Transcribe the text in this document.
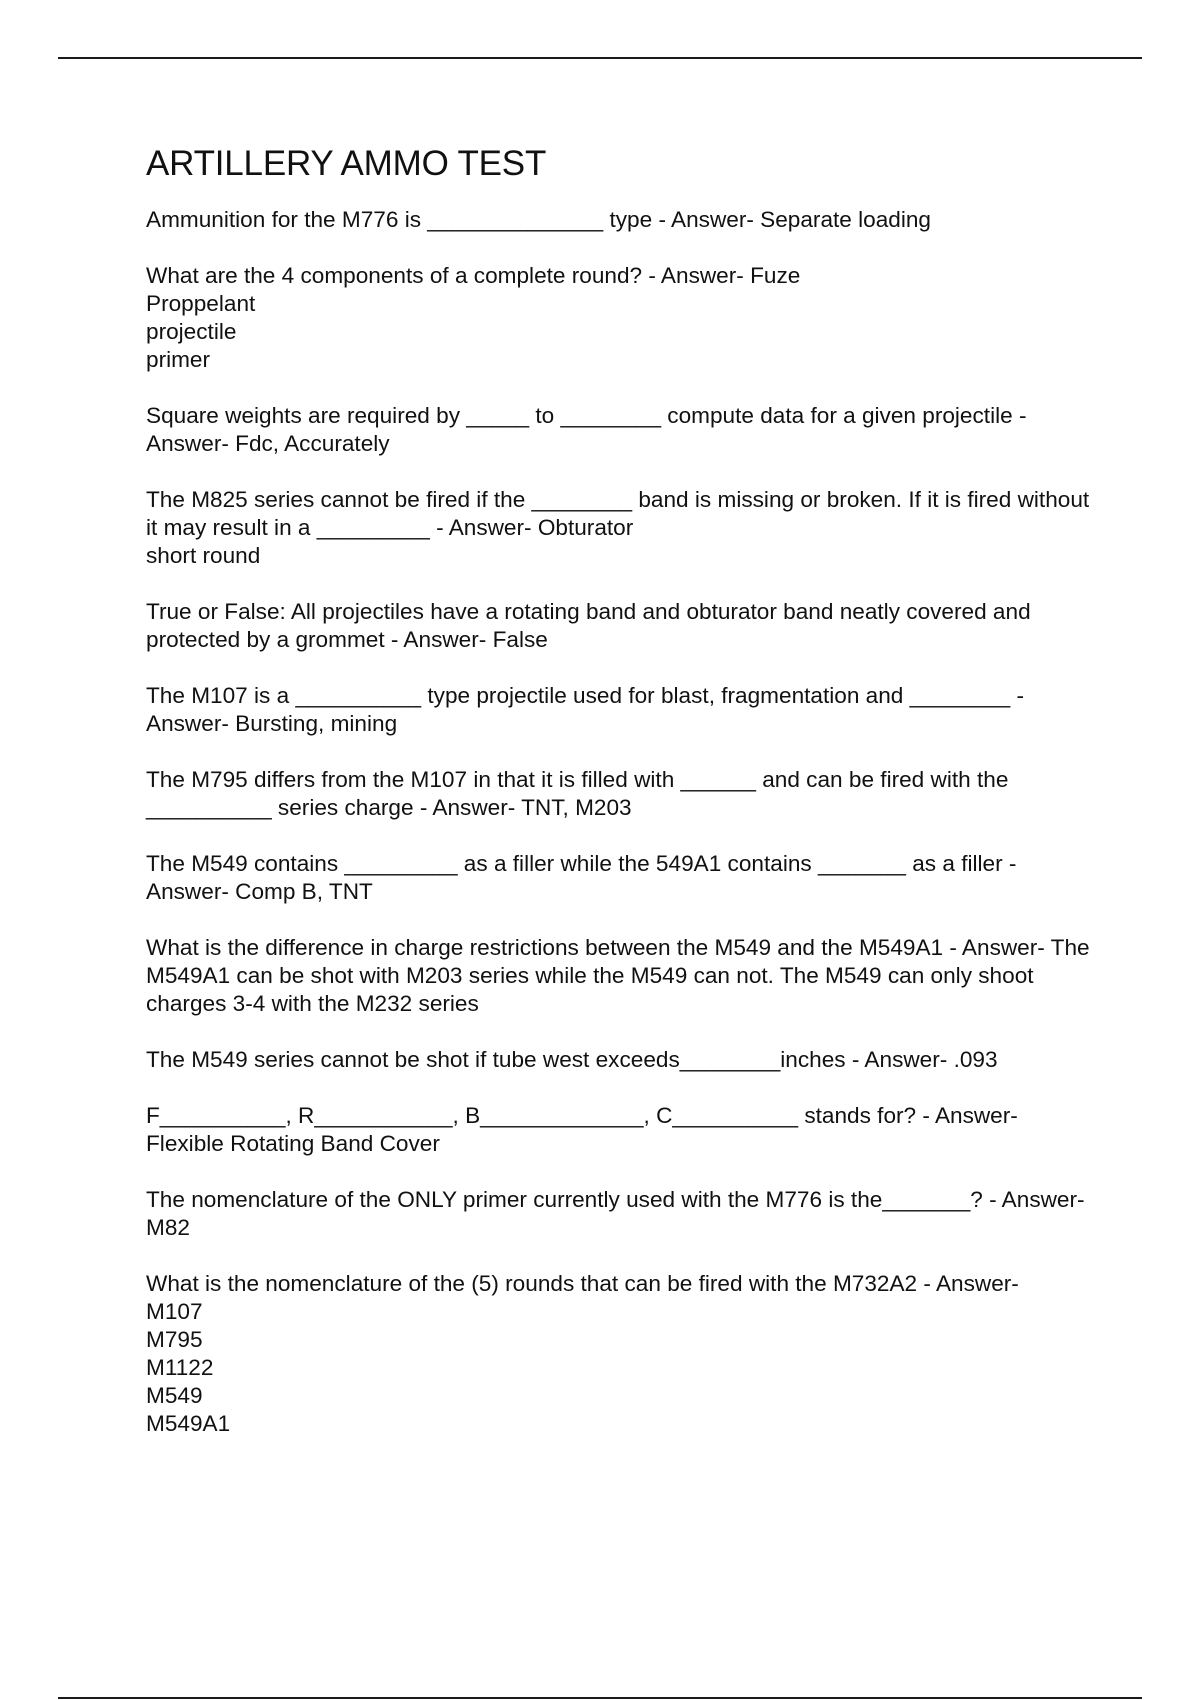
ARTILLERY AMMO TEST

Ammunition for the M776 is ______________ type - Answer- Separate loading

What are the 4 components of a complete round? - Answer- Fuze
Proppelant
projectile
primer

Square weights are required by _____ to ________ compute data for a given projectile - Answer- Fdc, Accurately

The M825 series cannot be fired if the ________ band is missing or broken. If it is fired without it may result in a _________ - Answer- Obturator
short round

True or False: All projectiles have a rotating band and obturator band neatly covered and protected by a grommet - Answer- False

The M107 is a __________ type projectile used for blast, fragmentation and ________ - Answer- Bursting, mining

The M795 differs from the M107 in that it is filled with ______ and can be fired with the __________ series charge - Answer- TNT, M203

The M549 contains _________ as a filler while the 549A1 contains _______ as a filler - Answer- Comp B, TNT

What is the difference in charge restrictions between the M549 and the M549A1 - Answer- The M549A1 can be shot with M203 series while the M549 can not. The M549 can only shoot charges 3-4 with the M232 series

The M549 series cannot be shot if tube west exceeds________inches - Answer- .093

F__________, R___________, B_____________, C__________ stands for? - Answer- Flexible Rotating Band Cover

The nomenclature of the ONLY primer currently used with the M776 is the_______? - Answer- M82

What is the nomenclature of the (5) rounds that can be fired with the M732A2 - Answer-
M107
M795
M1122
M549
M549A1
